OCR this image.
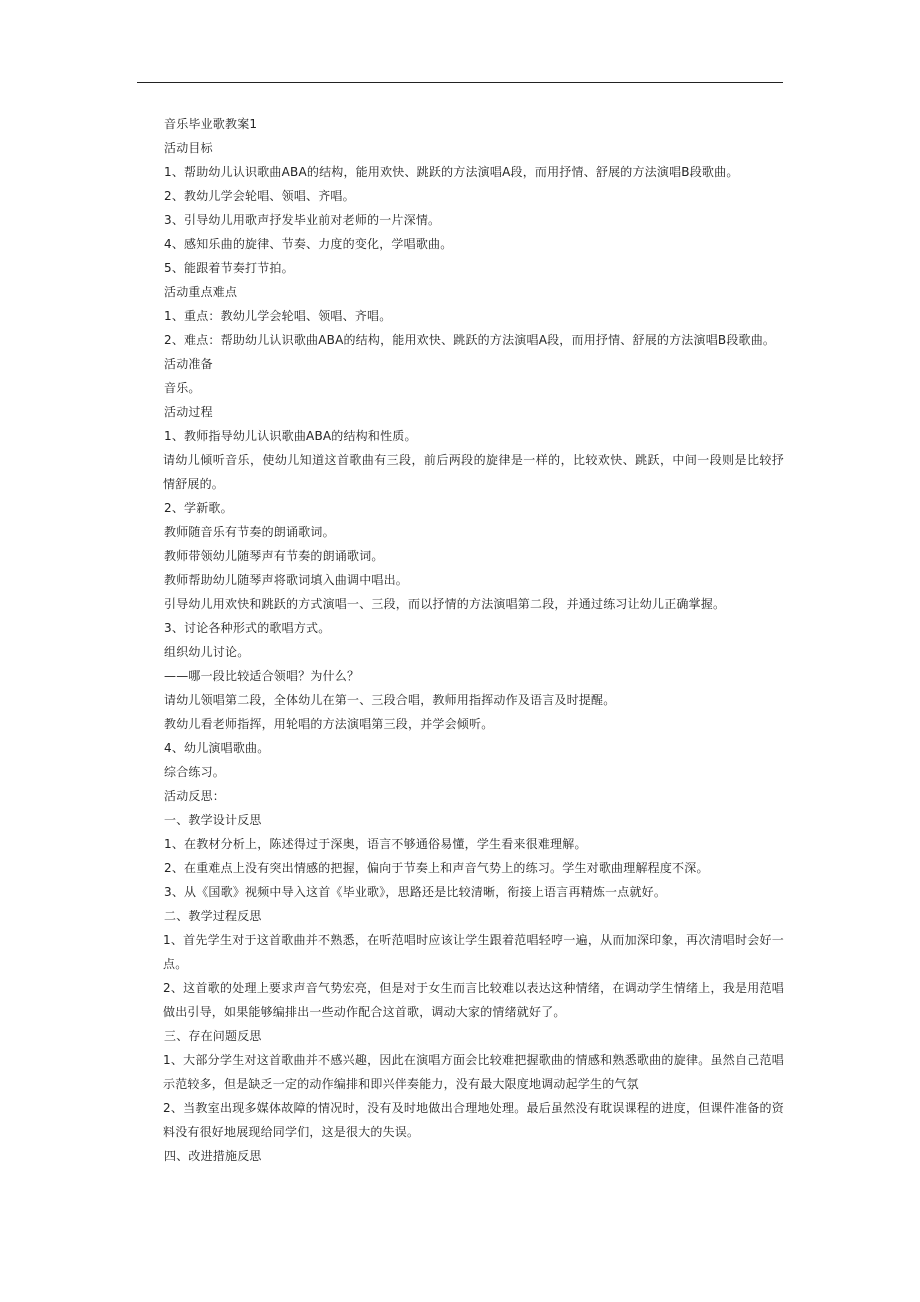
音乐毕业歌教案1
活动目标
1、帮助幼儿认识歌曲ABA的结构，能用欢快、跳跃的方法演唱A段，而用抒情、舒展的方法演唱B段歌曲。
2、教幼儿学会轮唱、领唱、齐唱。
3、引导幼儿用歌声抒发毕业前对老师的一片深情。
4、感知乐曲的旋律、节奏、力度的变化，学唱歌曲。
5、能跟着节奏打节拍。
活动重点难点
1、重点：教幼儿学会轮唱、领唱、齐唱。
2、难点：帮助幼儿认识歌曲ABA的结构，能用欢快、跳跃的方法演唱A段，而用抒情、舒展的方法演唱B段歌曲。
活动准备
音乐。
活动过程
1、教师指导幼儿认识歌曲ABA的结构和性质。
请幼儿倾听音乐，使幼儿知道这首歌曲有三段，前后两段的旋律是一样的，比较欢快、跳跃，中间一段则是比较抒情舒展的。
2、学新歌。
教师随音乐有节奏的朗诵歌词。
教师带领幼儿随琴声有节奏的朗诵歌词。
教师帮助幼儿随琴声将歌词填入曲调中唱出。
引导幼儿用欢快和跳跃的方式演唱一、三段，而以抒情的方法演唱第二段，并通过练习让幼儿正确掌握。
3、讨论各种形式的歌唱方式。
组织幼儿讨论。
——哪一段比较适合领唱？为什么？
请幼儿领唱第二段，全体幼儿在第一、三段合唱，教师用指挥动作及语言及时提醒。
教幼儿看老师指挥，用轮唱的方法演唱第三段，并学会倾听。
4、幼儿演唱歌曲。
综合练习。
活动反思：
一、教学设计反思
1、在教材分析上，陈述得过于深奥，语言不够通俗易懂，学生看来很难理解。
2、在重难点上没有突出情感的把握，偏向于节奏上和声音气势上的练习。学生对歌曲理解程度不深。
3、从《国歌》视频中导入这首《毕业歌》，思路还是比较清晰，衔接上语言再精炼一点就好。
二、教学过程反思
1、首先学生对于这首歌曲并不熟悉，在听范唱时应该让学生跟着范唱轻哼一遍，从而加深印象，再次清唱时会好一点。
2、这首歌的处理上要求声音气势宏亮，但是对于女生而言比较难以表达这种情绪，在调动学生情绪上，我是用范唱做出引导，如果能够编排出一些动作配合这首歌，调动大家的情绪就好了。
三、存在问题反思
1、大部分学生对这首歌曲并不感兴趣，因此在演唱方面会比较难把握歌曲的情感和熟悉歌曲的旋律。虽然自己范唱示范较多，但是缺乏一定的动作编排和即兴伴奏能力，没有最大限度地调动起学生的气氛
2、当教室出现多媒体故障的情况时，没有及时地做出合理地处理。最后虽然没有耽误课程的进度，但课件准备的资料没有很好地展现给同学们，这是很大的失误。
四、改进措施反思
